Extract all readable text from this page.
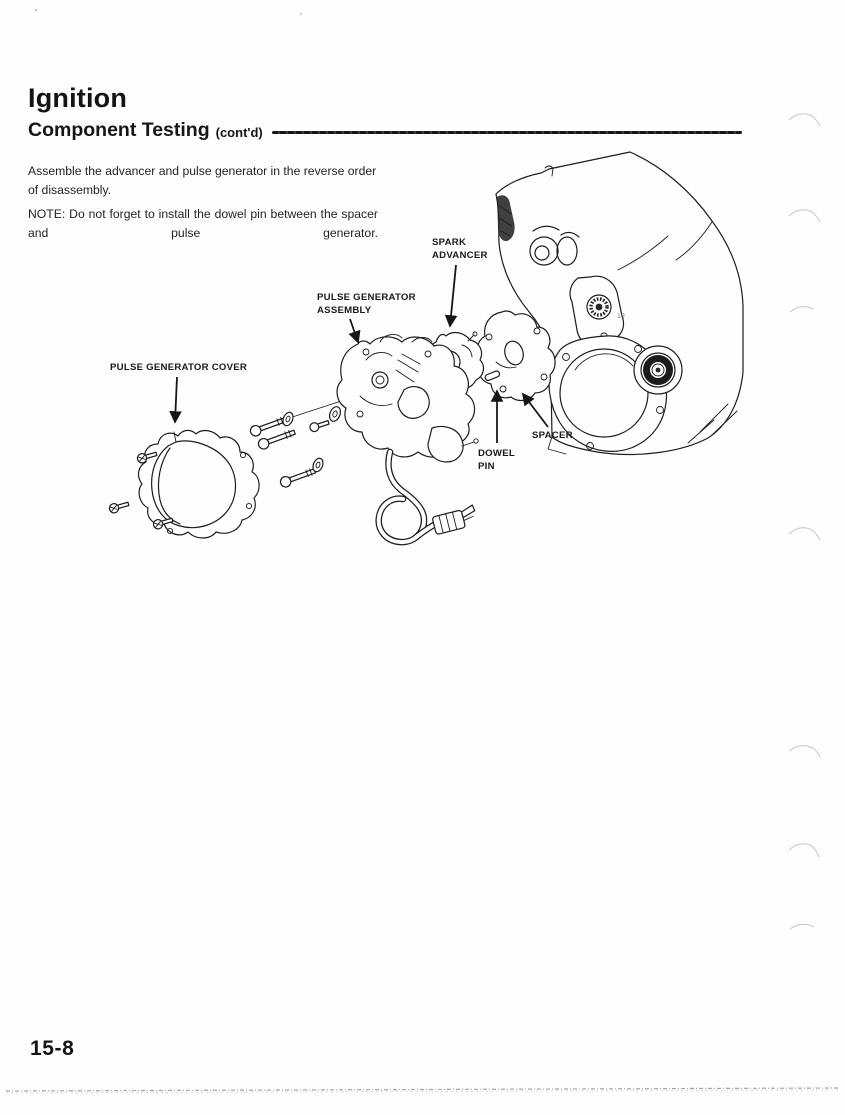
Ignition
Component Testing (cont'd)
Assemble the advancer and pulse generator in the reverse order of disassembly.
NOTE: Do not forget to install the dowel pin between the spacer and pulse generator.
SPARK
ADVANCER
PULSE GENERATOR
ASSEMBLY
PULSE GENERATOR COVER
SPACER
DOWEL
PIN
19
15-8
